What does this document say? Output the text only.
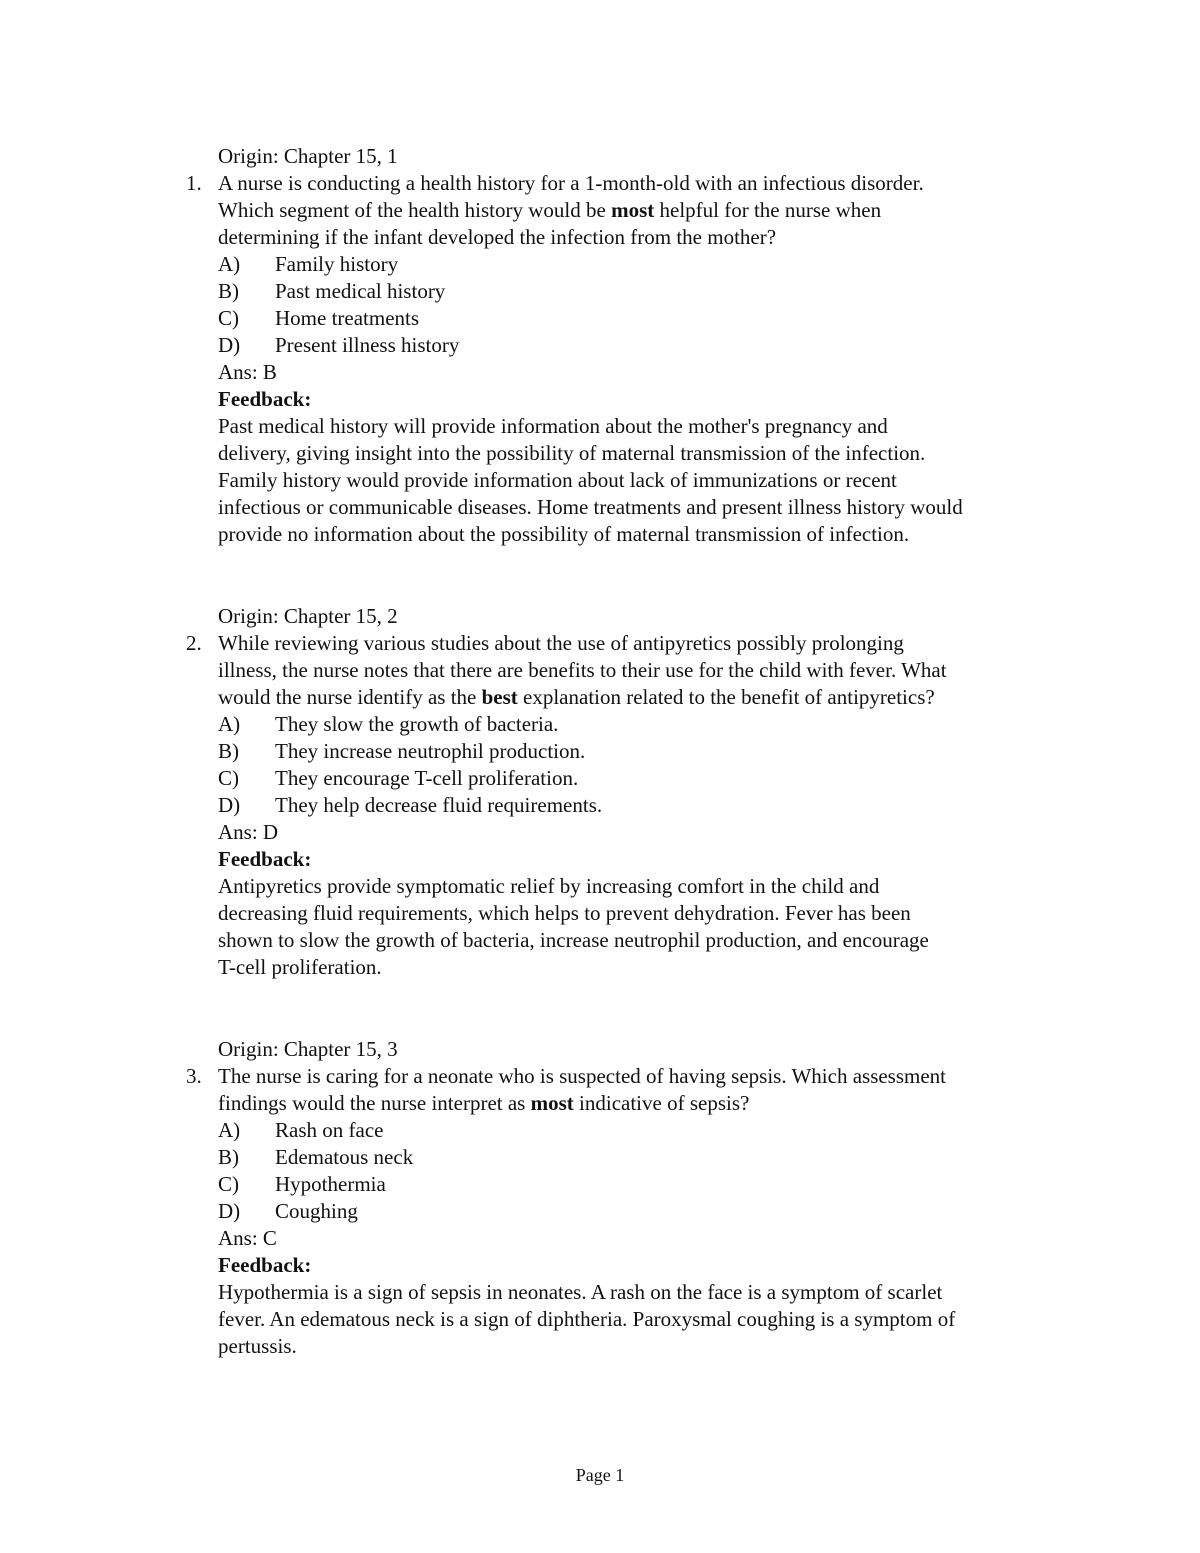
Origin: Chapter 15, 1
1. A nurse is conducting a health history for a 1-month-old with an infectious disorder.
Which segment of the health history would be most helpful for the nurse when
determining if the infant developed the infection from the mother?
A) Family history
B) Past medical history
C) Home treatments
D) Present illness history
Ans: B
Feedback:
Past medical history will provide information about the mother's pregnancy and
delivery, giving insight into the possibility of maternal transmission of the infection.
Family history would provide information about lack of immunizations or recent
infectious or communicable diseases. Home treatments and present illness history would
provide no information about the possibility of maternal transmission of infection.
Origin: Chapter 15, 2
2. While reviewing various studies about the use of antipyretics possibly prolonging
illness, the nurse notes that there are benefits to their use for the child with fever. What
would the nurse identify as the best explanation related to the benefit of antipyretics?
A) They slow the growth of bacteria.
B) They increase neutrophil production.
C) They encourage T-cell proliferation.
D) They help decrease fluid requirements.
Ans: D
Feedback:
Antipyretics provide symptomatic relief by increasing comfort in the child and
decreasing fluid requirements, which helps to prevent dehydration. Fever has been
shown to slow the growth of bacteria, increase neutrophil production, and encourage
T-cell proliferation.
Origin: Chapter 15, 3
3. The nurse is caring for a neonate who is suspected of having sepsis. Which assessment
findings would the nurse interpret as most indicative of sepsis?
A) Rash on face
B) Edematous neck
C) Hypothermia
D) Coughing
Ans: C
Feedback:
Hypothermia is a sign of sepsis in neonates. A rash on the face is a symptom of scarlet
fever. An edematous neck is a sign of diphtheria. Paroxysmal coughing is a symptom of
pertussis.
Page 1
